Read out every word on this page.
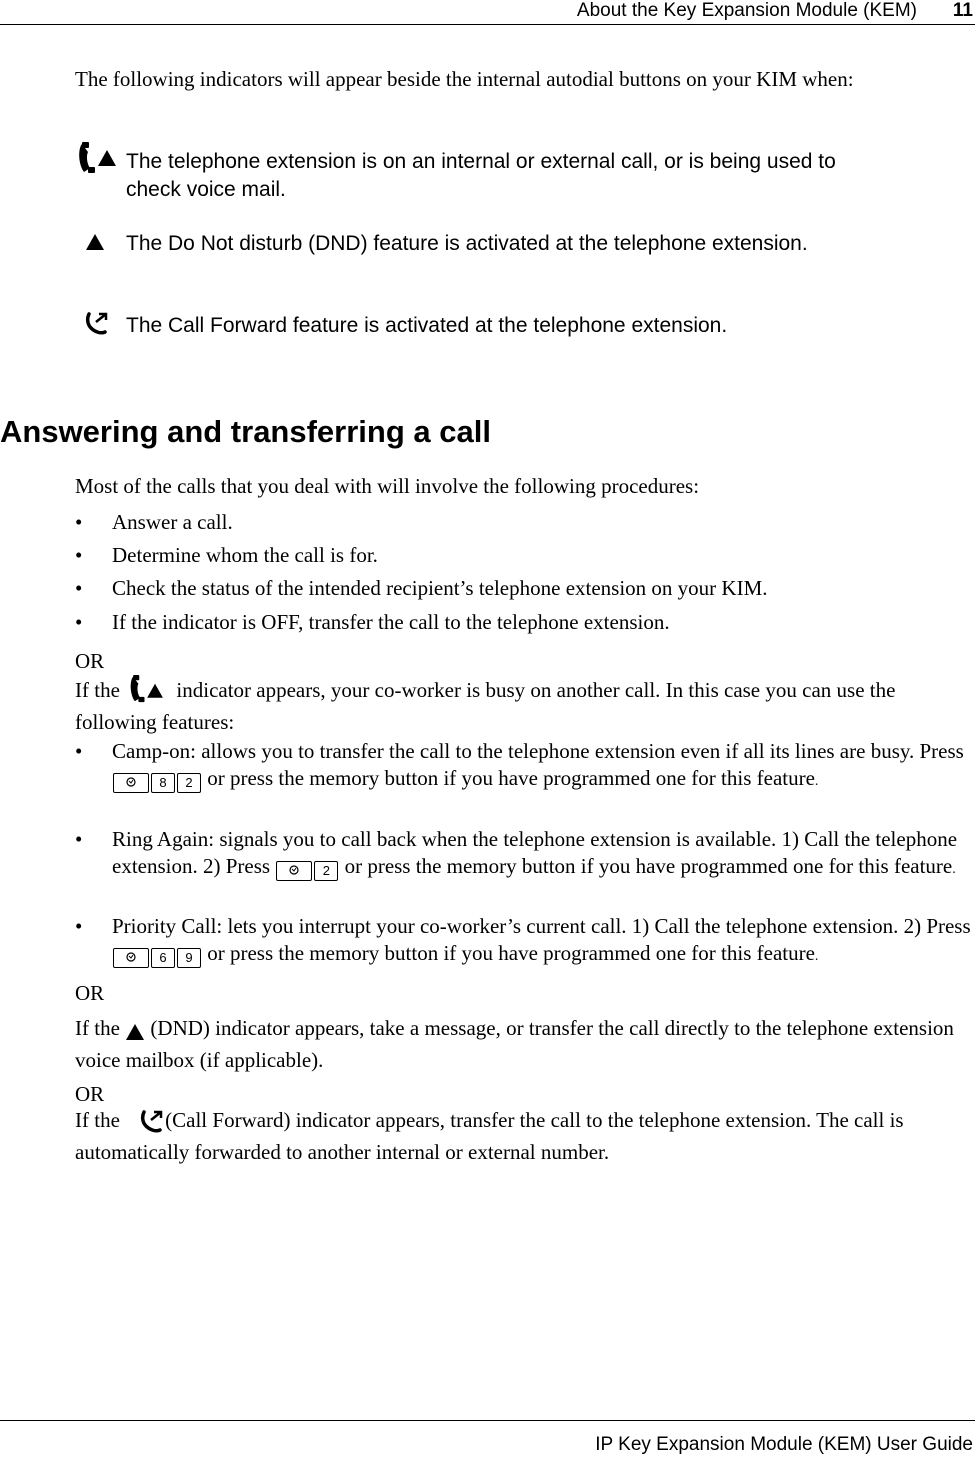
About the Key Expansion Module (KEM) 11
The following indicators will appear beside the internal autodial buttons on your KIM when:
The telephone extension is on an internal or external call, or is being used to check voice mail.
The Do Not disturb (DND) feature is activated at the telephone extension.
The Call Forward feature is activated at the telephone extension.
Answering and transferring a call
Most of the calls that you deal with will involve the following procedures:
• Answer a call.
• Determine whom the call is for.
• Check the status of the intended recipient’s telephone extension on your KIM.
• If the indicator is OFF, transfer the call to the telephone extension.
OR
If the	indicator appears, your co-worker is busy on another call. In this case you can use the following features:
• Camp-on: allows you to transfer the call to the telephone extension even if all its lines are busy. Press 8 2 or press the memory button if you have programmed one for this feature.
• Ring Again: signals you to call back when the telephone extension is available. 1) Call the telephone extension. 2) Press	2 or press the memory button if you have programmed one for this feature.
• Priority Call: lets you interrupt your co-worker’s current call. 1) Call the telephone extension. 2) Press 6 9 or press the memory button if you have programmed one for this feature.
OR
If the (DND) indicator appears, take a message, or transfer the call directly to the telephone extension voice mailbox (if applicable).
OR
If the (Call Forward) indicator appears, transfer the call to the telephone extension. The call is automatically forwarded to another internal or external number.
IP Key Expansion Module (KEM) User Guide
